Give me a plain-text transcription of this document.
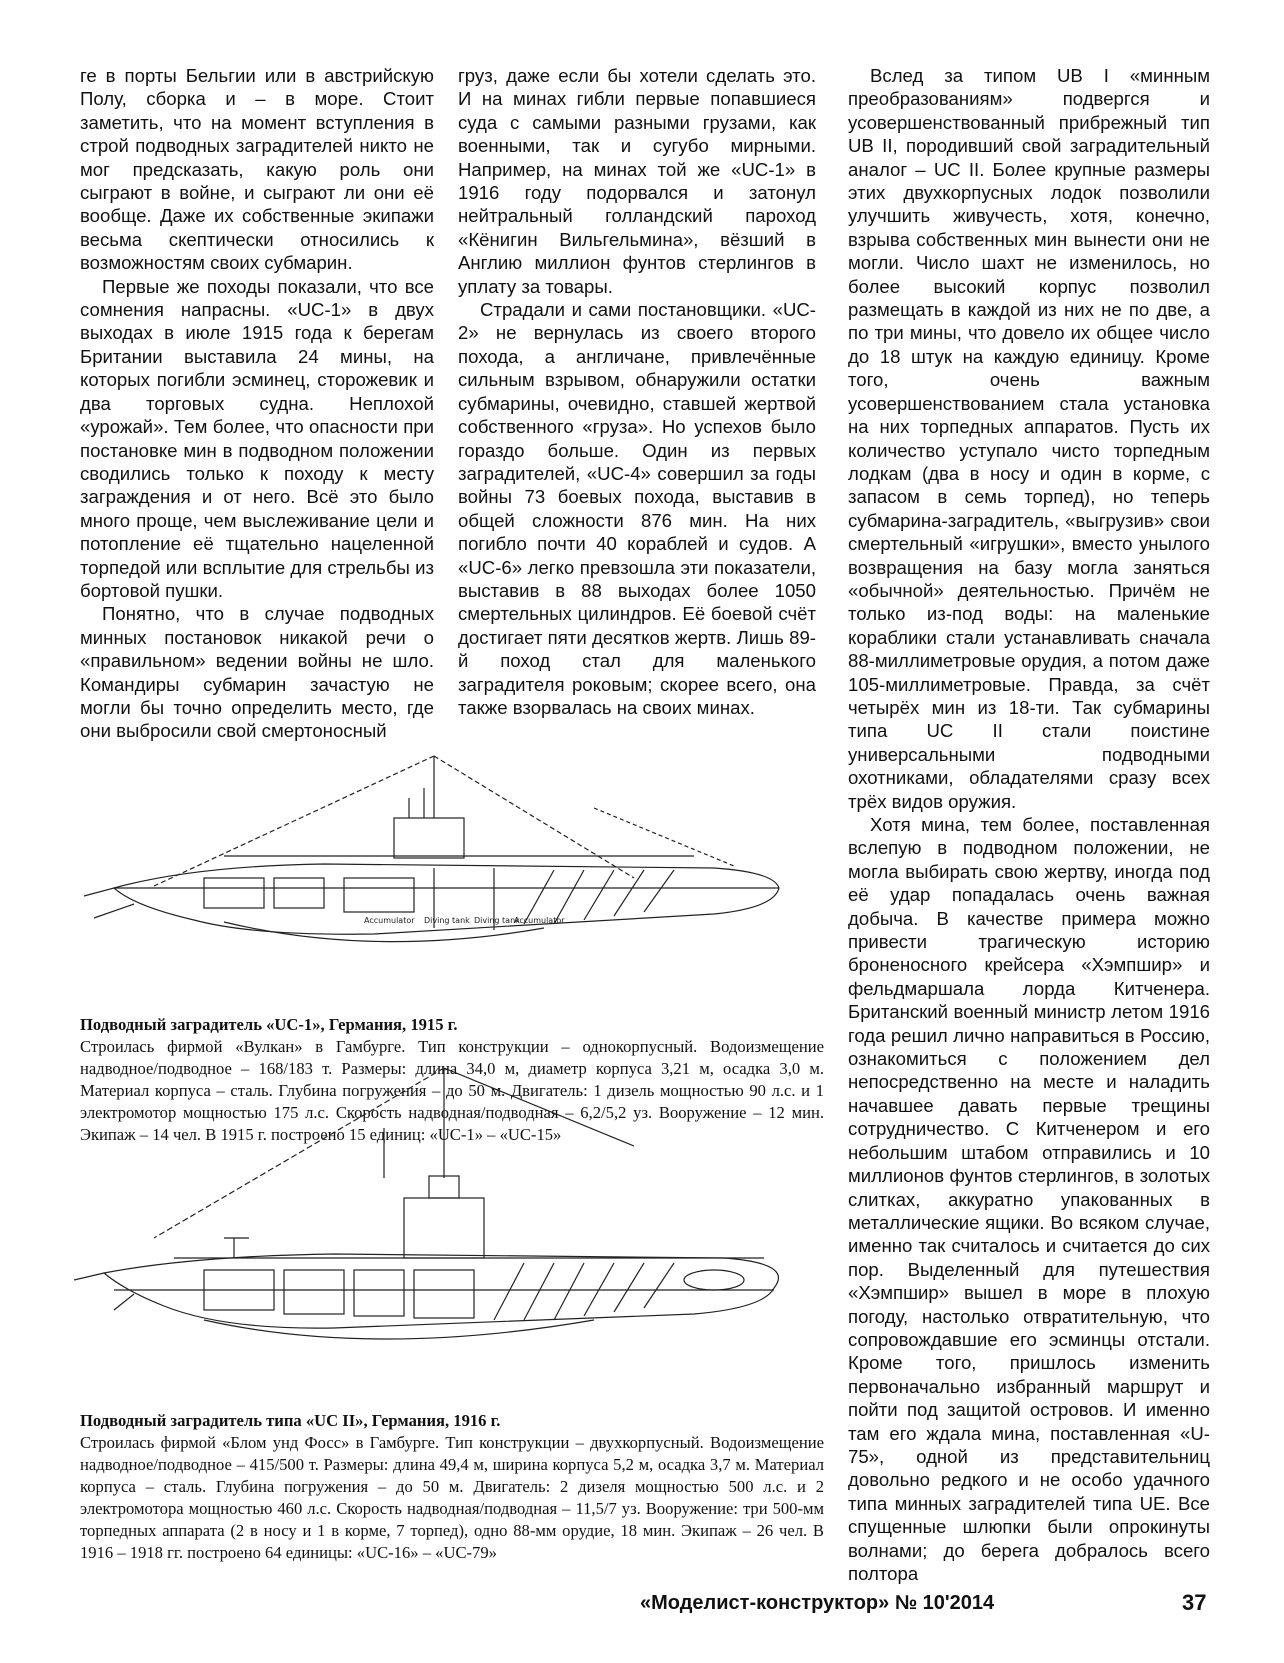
ге в порты Бельгии или в австрийскую Полу, сборка и – в море. Стоит заметить, что на момент вступления в строй подводных заградителей никто не мог предсказать, какую роль они сыграют в войне, и сыграют ли они её вообще. Даже их собственные экипажи весьма скептически относились к возможностям своих субмарин.

Первые же походы показали, что все сомнения напрасны. «UC-1» в двух выходах в июле 1915 года к берегам Британии выставила 24 мины, на которых погибли эсминец, сторожевик и два торговых судна. Неплохой «урожай». Тем более, что опасности при постановке мин в подводном положении сводились только к походу к месту заграждения и от него. Всё это было много проще, чем выслеживание цели и потопление её тщательно нацеленной торпедой или всплытие для стрельбы из бортовой пушки.

Понятно, что в случае подводных минных постановок никакой речи о «правильном» ведении войны не шло. Командиры субмарин зачастую не могли бы точно определить место, где они выбросили свой смертоносный

груз, даже если бы хотели сделать это. И на минах гибли первые попавшиеся суда с самыми разными грузами, как военными, так и сугубо мирными. Например, на минах той же «UC-1» в 1916 году подорвался и затонул нейтральный голландский пароход «Кёнигин Вильгельмина», вёзший в Англию миллион фунтов стерлингов в уплату за товары.

Страдали и сами постановщики. «UC-2» не вернулась из своего второго похода, а англичане, привлечённые сильным взрывом, обнаружили остатки субмарины, очевидно, ставшей жертвой собственного «груза». Но успехов было гораздо больше. Один из первых заградителей, «UC-4» совершил за годы войны 73 боевых похода, выставив в общей сложности 876 мин. На них погибло почти 40 кораблей и судов. А «UC-6» легко превзошла эти показатели, выставив в 88 выходах более 1050 смертельных цилиндров. Её боевой счёт достигает пяти десятков жертв. Лишь 89-й поход стал для маленького заградителя роковым; скорее всего, она также взорвалась на своих минах.

Вслед за типом UB I «минным преобразованиям» подвергся и усовершенствованный прибрежный тип UB II, породивший свой заградительный аналог – UC II. Более крупные размеры этих двухкорпусных лодок позволили улучшить живучесть, хотя, конечно, взрыва собственных мин вынести они не могли. Число шахт не изменилось, но более высокий корпус позволил размещать в каждой из них не по две, а по три мины, что довело их общее число до 18 штук на каждую единицу. Кроме того, очень важным усовершенствованием стала установка на них торпедных аппаратов. Пусть их количество уступало чисто торпедным лодкам (два в носу и один в корме, с запасом в семь торпед), но теперь субмарина-заградитель, «выгрузив» свои смертельный «игрушки», вместо унылого возвращения на базу могла заняться «обычной» деятельностью. Причём не только из-под воды: на маленькие кораблики стали устанавливать сначала 88-миллиметровые орудия, а потом даже 105-миллиметровые. Правда, за счёт четырёх мин из 18-ти. Так субмарины типа UC II стали поистине универсальными подводными охотниками, обладателями сразу всех трёх видов оружия.

Хотя мина, тем более, поставленная вслепую в подводном положении, не могла выбирать свою жертву, иногда под её удар попадалась очень важная добыча. В качестве примера можно привести трагическую историю броненосного крейсера «Хэмпшир» и фельдмаршала лорда Китченера. Британский военный министр летом 1916 года решил лично направиться в Россию, ознакомиться с положением дел непосредственно на месте и наладить начавшее давать первые трещины сотрудничество. С Китченером и его небольшим штабом отправились и 10 миллионов фунтов стерлингов, в золотых слитках, аккуратно упакованных в металлические ящики. Во всяком случае, именно так считалось и считается до сих пор. Выделенный для путешествия «Хэмпшир» вышел в море в плохую погоду, настолько отвратительную, что сопровождавшие его эсминцы отстали. Кроме того, пришлось изменить первоначально избранный маршрут и пойти под защитой островов. И именно там его ждала мина, поставленная «U-75», одной из представительниц довольно редкого и не особо удачного типа минных заградителей типа UE. Все спущенные шлюпки были опрокинуты волнами; до берега добралось всего полтора

Accumulator Diving tank Diving tank
Accumulator
Подводный заградитель «UC-1», Германия, 1915 г.
Строилась фирмой «Вулкан» в Гамбурге. Тип конструкции – однокорпусный. Водоизмещение надводное/подводное – 168/183 т. Размеры: длина 34,0 м, диаметр корпуса 3,21 м, осадка 3,0 м. Материал корпуса – сталь. Глубина погружения – до 50 м. Двигатель: 1 дизель мощностью 90 л.с. и 1 электромотор мощностью 175 л.с. Скорость надводная/подводная – 6,2/5,2 уз. Вооружение – 12 мин. Экипаж – 14 чел. В 1915 г. построено 15 единиц: «UC-1» – «UC-15»
Подводный заградитель типа «UC II», Германия, 1916 г.
Строилась фирмой «Блом унд Фосс» в Гамбурге. Тип конструкции – двухкорпусный. Водоизмещение надводное/подводное – 415/500 т. Размеры: длина 49,4 м, ширина корпуса 5,2 м, осадка 3,7 м. Материал корпуса – сталь. Глубина погружения – до 50 м. Двигатель: 2 дизеля мощностью 500 л.с. и 2 электромотора мощностью 460 л.с. Скорость надводная/подводная – 11,5/7 уз. Вооружение: три 500-мм торпедных аппарата (2 в носу и 1 в корме, 7 торпед), одно 88-мм орудие, 18 мин. Экипаж – 26 чел. В 1916 – 1918 гг. построено 64 единицы: «UC-16» – «UC-79»
«Моделист-конструктор» № 10'2014	37
